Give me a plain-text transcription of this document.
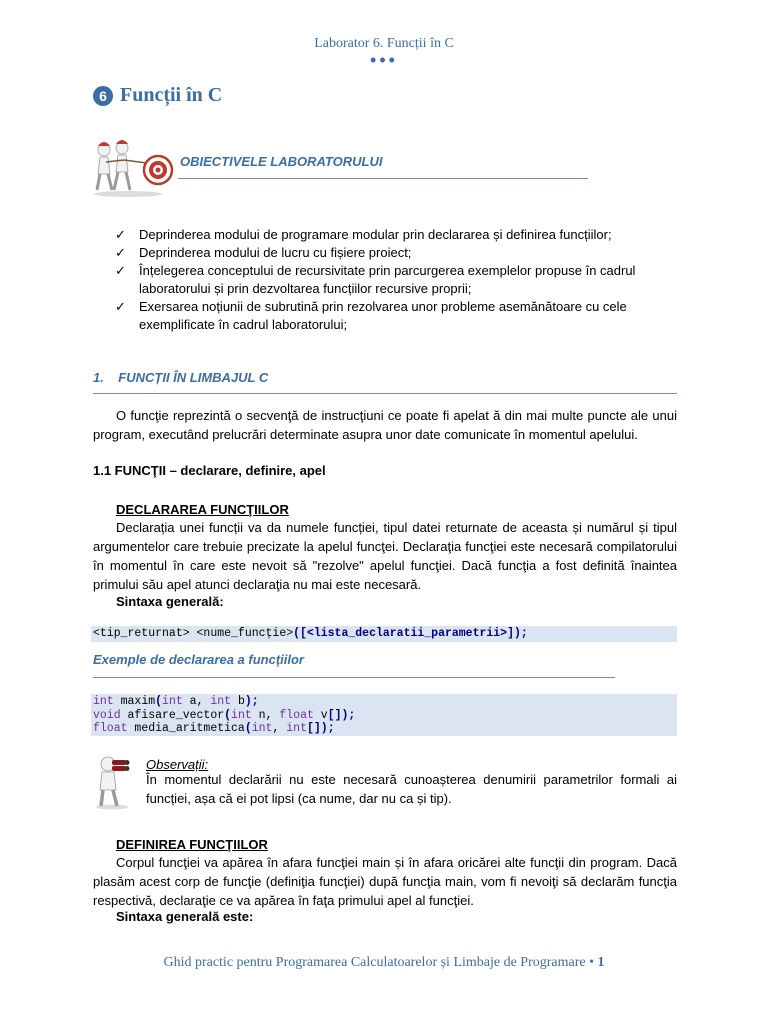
Laborator 6. Funcții în C
•••
6 Funcții în C
OBIECTIVELE LABORATORULUI
✓ Deprinderea modului de programare modular prin declararea și definirea funcțiilor;
✓ Deprinderea modului de lucru cu fișiere proiect;
✓ Înțelegerea conceptului de recursivitate prin parcurgerea exemplelor propuse în cadrul laboratorului și prin dezvoltarea funcțiilor recursive proprii;
✓ Exersarea noțiunii de subrutină prin rezolvarea unor probleme asemănătoare cu cele exemplificate în cadrul laboratorului;
1.    FUNCȚII ÎN LIMBAJUL C
O funcţie reprezintă o secvenţă de instrucţiuni ce poate fi apelat ă din mai multe puncte ale unui program, executând prelucrări determinate asupra unor date comunicate în momentul apelului.
1.1 FUNCŢII – declarare, definire, apel
DECLARAREA FUNCŢIILOR
Declarația unei funcții va da numele funcției, tipul datei returnate de aceasta și numărul și tipul argumentelor care trebuie precizate la apelul funcţei. Declaraţia funcţiei este necesară compilatorului în momentul în care este nevoit să "rezolve" apelul funcţiei. Dacă funcţia a fost definită înaintea primului său apel atunci declaraţia nu mai este necesară.
Sintaxa generală:
<tip_returnat> <nume_funcție>([<lista_declaratii_parametrii>]);
Exemple de declararea a funcţiilor
int maxim(int a, int b);
void afisare_vector(int n, float v[]);
float media_aritmetica(int, int[]);
Observații:
În momentul declarării nu este necesară cunoașterea denumirii parametrilor formali ai funcției, așa că ei pot lipsi (ca nume, dar nu ca și tip).
DEFINIREA FUNCŢIILOR
Corpul funcţiei va apărea în afara funcţiei main și în afara oricărei alte funcţii din program. Dacă plasăm acest corp de funcţie (definiţia funcţiei) după funcţia main, vom fi nevoiţi să declarăm funcţia respectivă, declaraţie ce va apărea în faţa primului apel al funcţiei.
Sintaxa generală este:
Ghid practic pentru Programarea Calculatoarelor și Limbaje de Programare • 1
